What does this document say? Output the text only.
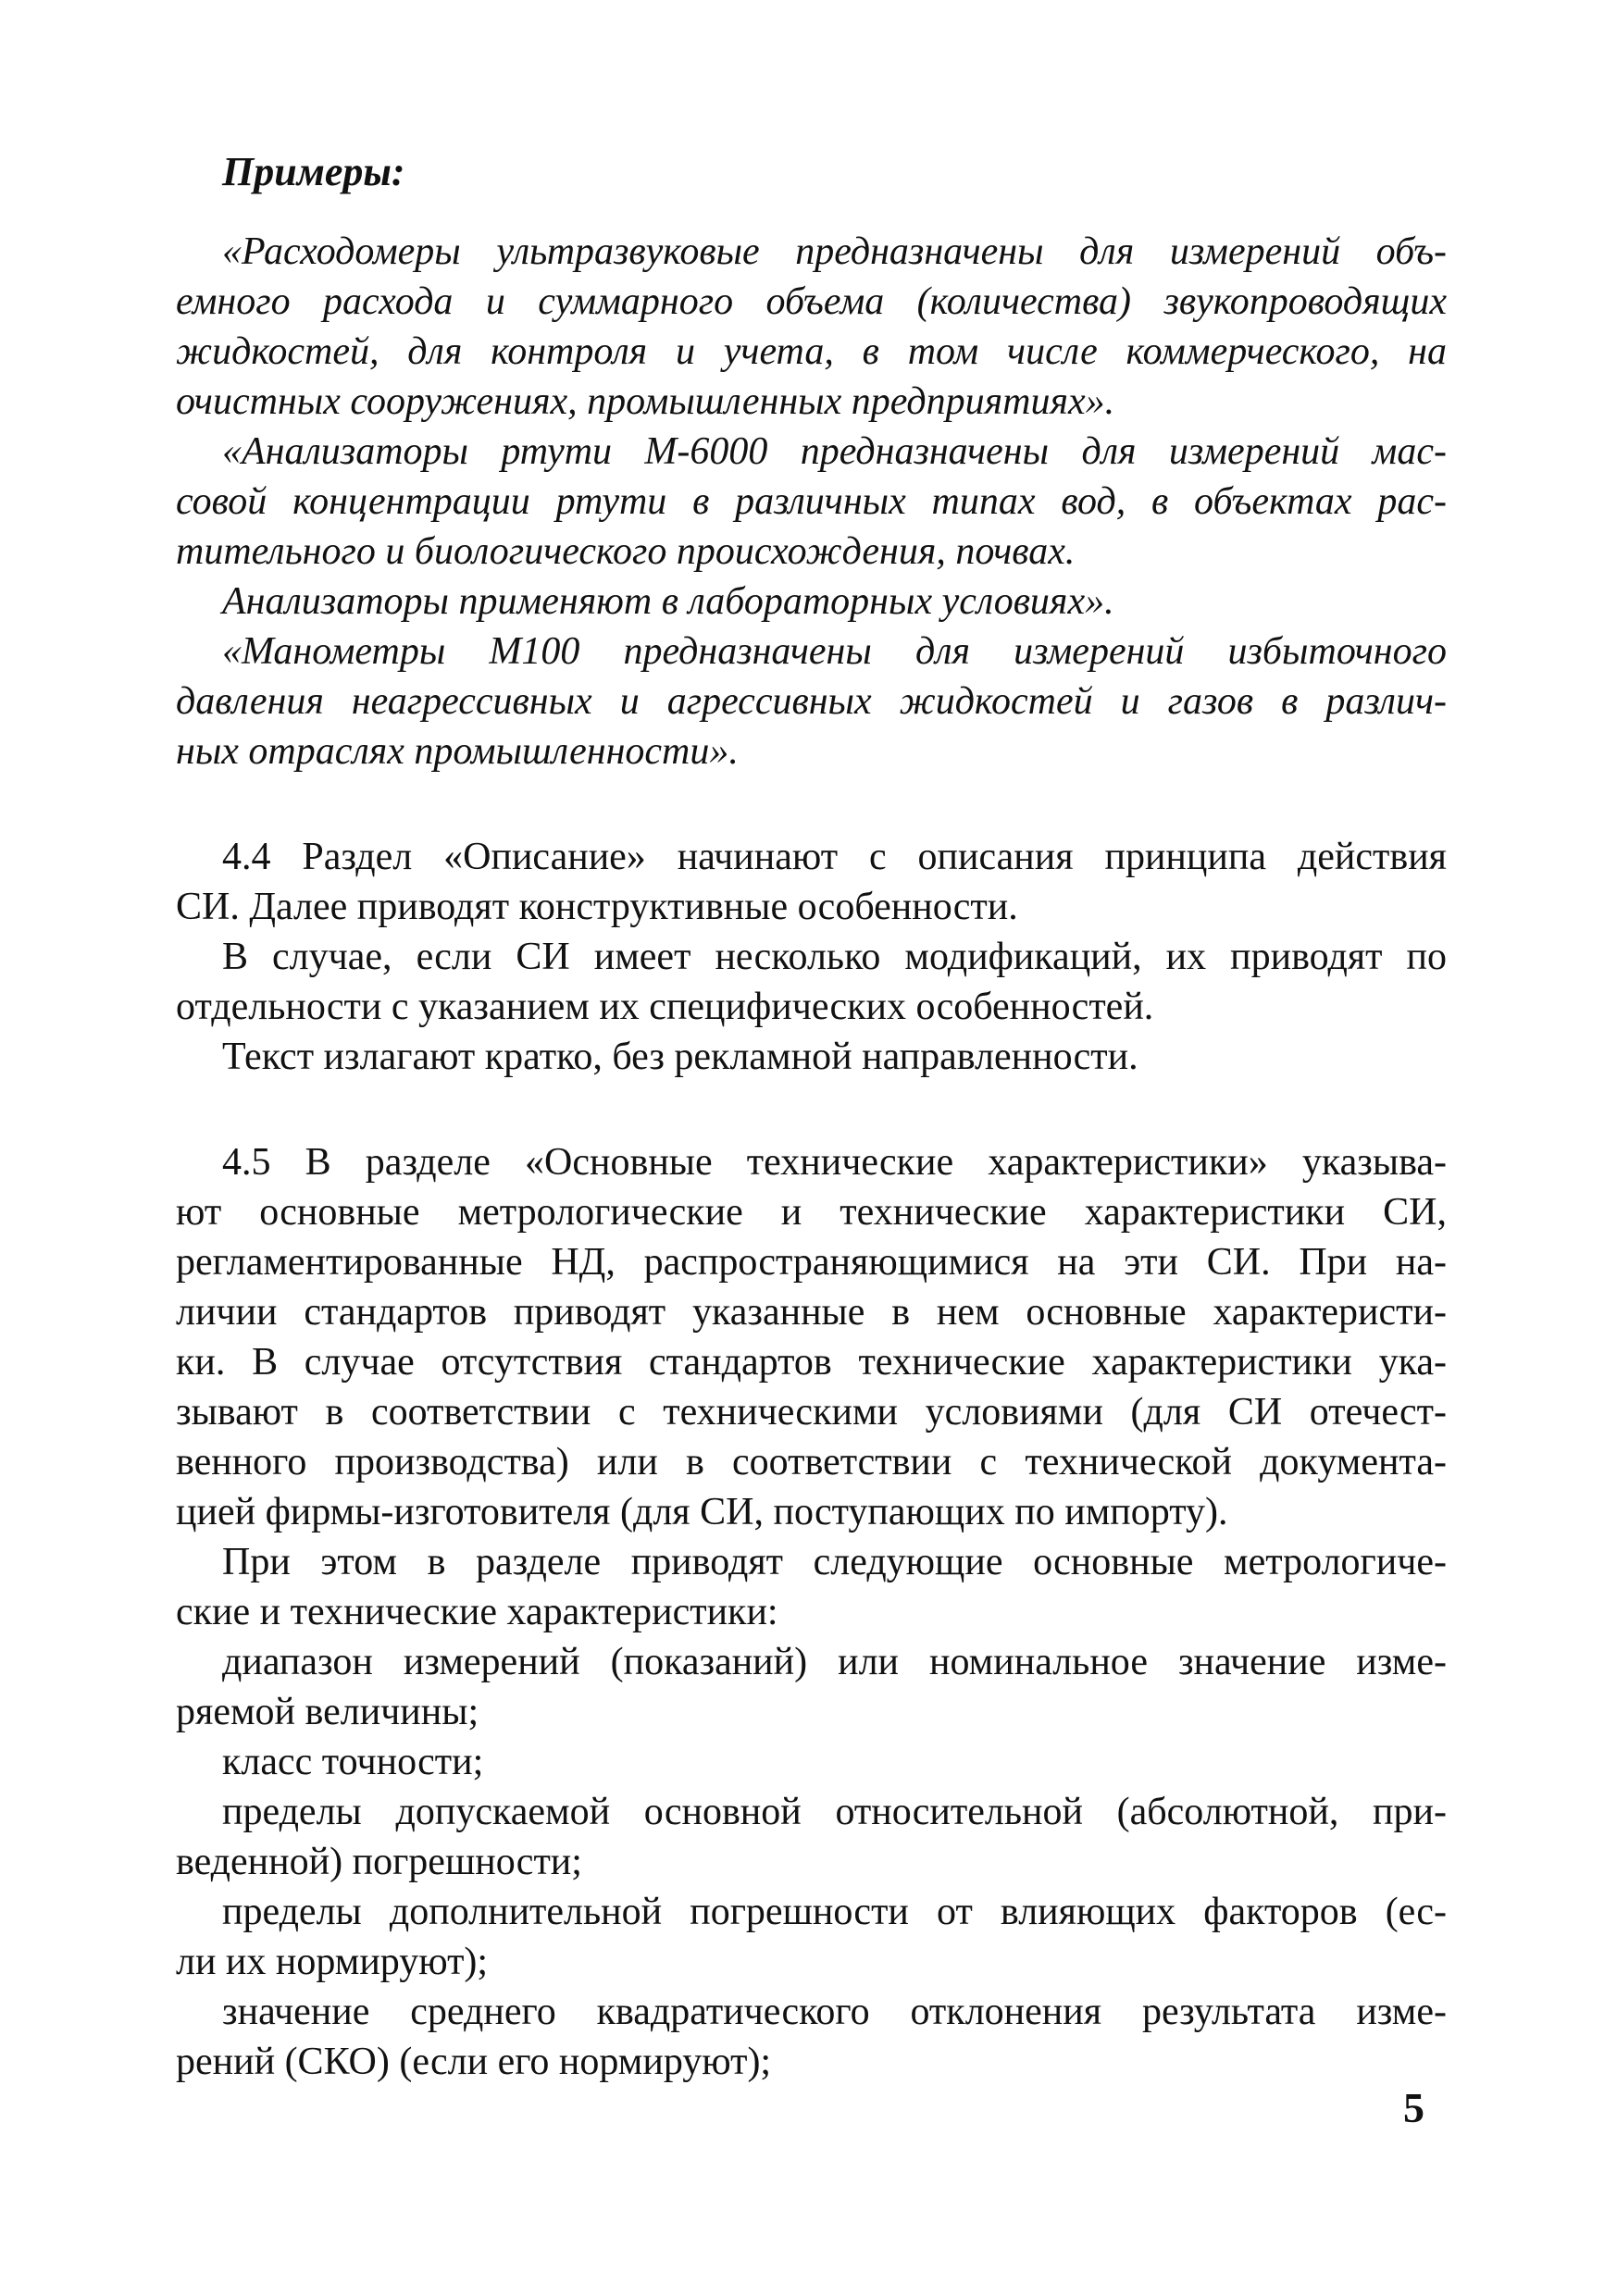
Примеры:
«Расходомеры ультразвуковые предназначены для измерений объ-
емного расхода и суммарного объема (количества) звукопроводящих
жидкостей, для контроля и учета, в том числе коммерческого, на
очистных сооружениях, промышленных предприятиях».
«Анализаторы ртути М-6000 предназначены для измерений мас-
совой концентрации ртути в различных типах вод, в объектах рас-
тительного и биологического происхождения, почвах.
Анализаторы применяют в лабораторных условиях».
«Манометры М100 предназначены для измерений избыточного
давления неагрессивных и агрессивных жидкостей и газов в различ-
ных отраслях промышленности».
4.4 Раздел «Описание» начинают с описания принципа действия
СИ. Далее приводят конструктивные особенности.
В случае, если СИ имеет несколько модификаций, их приводят по
отдельности с указанием их специфических особенностей.
Текст излагают кратко, без рекламной направленности.
4.5 В разделе «Основные технические характеристики» указыва-
ют основные метрологические и технические характеристики СИ,
регламентированные НД, распространяющимися на эти СИ. При на-
личии стандартов приводят указанные в нем основные характеристи-
ки. В случае отсутствия стандартов технические характеристики ука-
зывают в соответствии с техническими условиями (для СИ отечест-
венного производства) или в соответствии с технической документа-
цией фирмы-изготовителя (для СИ, поступающих по импорту).
При этом в разделе приводят следующие основные метрологиче-
ские и технические характеристики:
диапазон измерений (показаний) или номинальное значение изме-
ряемой величины;
класс точности;
пределы допускаемой основной относительной (абсолютной, при-
веденной) погрешности;
пределы дополнительной погрешности от влияющих факторов (ес-
ли их нормируют);
значение среднего квадратического отклонения результата изме-
рений (СКО) (если его нормируют);
5
